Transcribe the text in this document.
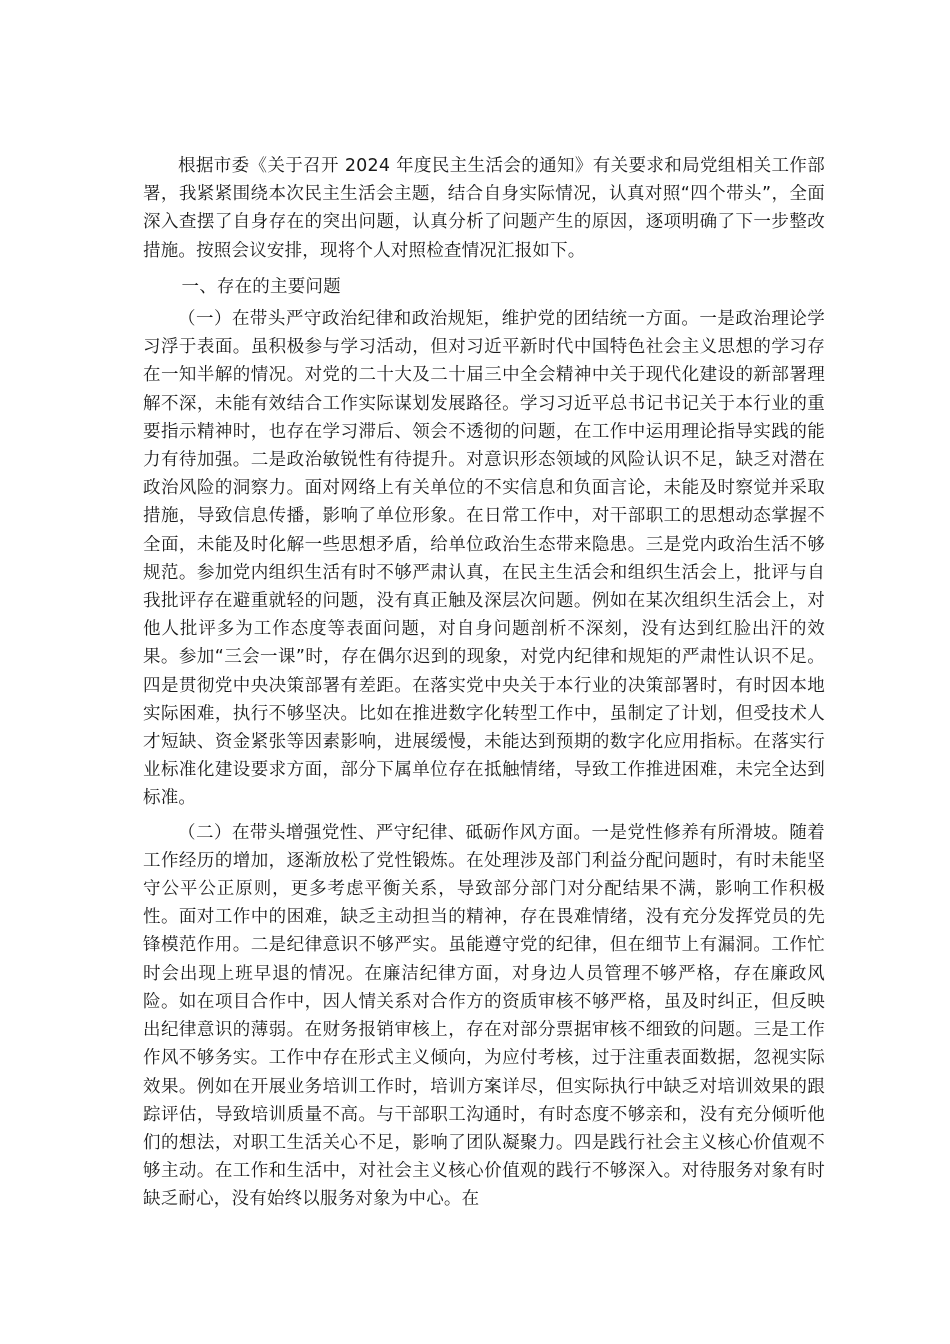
根据市委《关于召开 2024 年度民主生活会的通知》有关要求和局党组相关工作部署，我紧紧围绕本次民主生活会主题，结合自身实际情况，认真对照“四个带头”，全面深入查摆了自身存在的突出问题，认真分析了问题产生的原因，逐项明确了下一步整改措施。按照会议安排，现将个人对照检查情况汇报如下。

一、存在的主要问题

（一）在带头严守政治纪律和政治规矩，维护党的团结统一方面。一是政治理论学习浮于表面。虽积极参与学习活动，但对习近平新时代中国特色社会主义思想的学习存在一知半解的情况。对党的二十大及二十届三中全会精神中关于现代化建设的新部署理解不深，未能有效结合工作实际谋划发展路径。学习习近平总书记书记关于本行业的重要指示精神时，也存在学习滞后、领会不透彻的问题，在工作中运用理论指导实践的能力有待加强。二是政治敏锐性有待提升。对意识形态领域的风险认识不足，缺乏对潜在政治风险的洞察力。面对网络上有关单位的不实信息和负面言论，未能及时察觉并采取措施，导致信息传播，影响了单位形象。在日常工作中，对干部职工的思想动态掌握不全面，未能及时化解一些思想矛盾，给单位政治生态带来隐患。三是党内政治生活不够规范。参加党内组织生活有时不够严肃认真，在民主生活会和组织生活会上，批评与自我批评存在避重就轻的问题，没有真正触及深层次问题。例如在某次组织生活会上，对他人批评多为工作态度等表面问题，对自身问题剖析不深刻，没有达到红脸出汗的效果。参加“三会一课”时，存在偶尔迟到的现象，对党内纪律和规矩的严肃性认识不足。四是贯彻党中央决策部署有差距。在落实党中央关于本行业的决策部署时，有时因本地实际困难，执行不够坚决。比如在推进数字化转型工作中，虽制定了计划，但受技术人才短缺、资金紧张等因素影响，进展缓慢，未能达到预期的数字化应用指标。在落实行业标准化建设要求方面，部分下属单位存在抵触情绪，导致工作推进困难，未完全达到标准。

（二）在带头增强党性、严守纪律、砥砺作风方面。一是党性修养有所滑坡。随着工作经历的增加，逐渐放松了党性锻炼。在处理涉及部门利益分配问题时，有时未能坚守公平公正原则，更多考虑平衡关系，导致部分部门对分配结果不满，影响工作积极性。面对工作中的困难，缺乏主动担当的精神，存在畏难情绪，没有充分发挥党员的先锋模范作用。二是纪律意识不够严实。虽能遵守党的纪律，但在细节上有漏洞。工作忙时会出现上班早退的情况。在廉洁纪律方面，对身边人员管理不够严格，存在廉政风险。如在项目合作中，因人情关系对合作方的资质审核不够严格，虽及时纠正，但反映出纪律意识的薄弱。在财务报销审核上，存在对部分票据审核不细致的问题。三是工作作风不够务实。工作中存在形式主义倾向，为应付考核，过于注重表面数据，忽视实际效果。例如在开展业务培训工作时，培训方案详尽，但实际执行中缺乏对培训效果的跟踪评估，导致培训质量不高。与干部职工沟通时，有时态度不够亲和，没有充分倾听他们的想法，对职工生活关心不足，影响了团队凝聚力。四是践行社会主义核心价值观不够主动。在工作和生活中，对社会主义核心价值观的践行不够深入。对待服务对象有时缺乏耐心，没有始终以服务对象为中心。在
